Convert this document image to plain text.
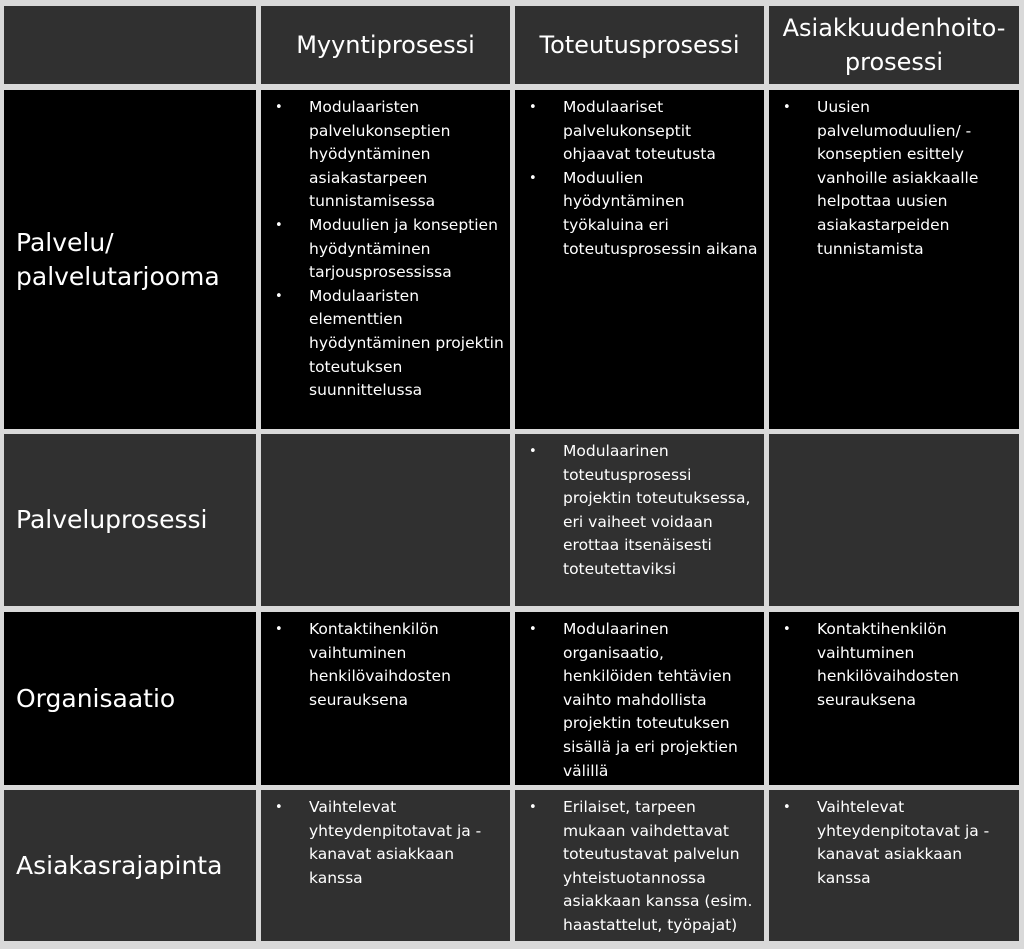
Myyntiprosessi	Toteutusprosessi
Asiakkuudenhoito-
prosessi
Palvelu/
palvelutarjooma
• Modulaaristen palvelukonseptien hyödyntäminen asiakastarpeen tunnistamisessa
• Moduulien ja konseptien hyödyntäminen tarjousprosessissa
• Modulaaristen elementtien hyödyntäminen projektin toteutuksen suunnittelussa
• Modulaariset palvelukonseptit ohjaavat toteutusta
• Moduulien hyödyntäminen työkaluina eri toteutusprosessin aikana
• Uusien palvelumoduulien/ -konseptien esittely vanhoille asiakkaalle helpottaa uusien asiakastarpeiden tunnistamista
Palveluprosessi
• Modulaarinen toteutusprosessi projektin toteutuksessa, eri vaiheet voidaan erottaa itsenäisesti toteutettaviksi
Organisaatio
• Kontaktihenkilön vaihtuminen henkilövaihdosten seurauksena
• Modulaarinen organisaatio, henkilöiden tehtävien vaihto mahdollista projektin toteutuksen sisällä ja eri projektien välillä
• Kontaktihenkilön vaihtuminen henkilövaihdosten seurauksena
Asiakasrajapinta
• Vaihtelevat yhteydenpitotavat ja -kanavat asiakkaan kanssa
• Erilaiset, tarpeen mukaan vaihdettavat toteutustavat palvelun yhteistuotannossa asiakkaan kanssa (esim. haastattelut, työpajat)
• Vaihtelevat yhteydenpitotavat ja -kanavat asiakkaan kanssa
